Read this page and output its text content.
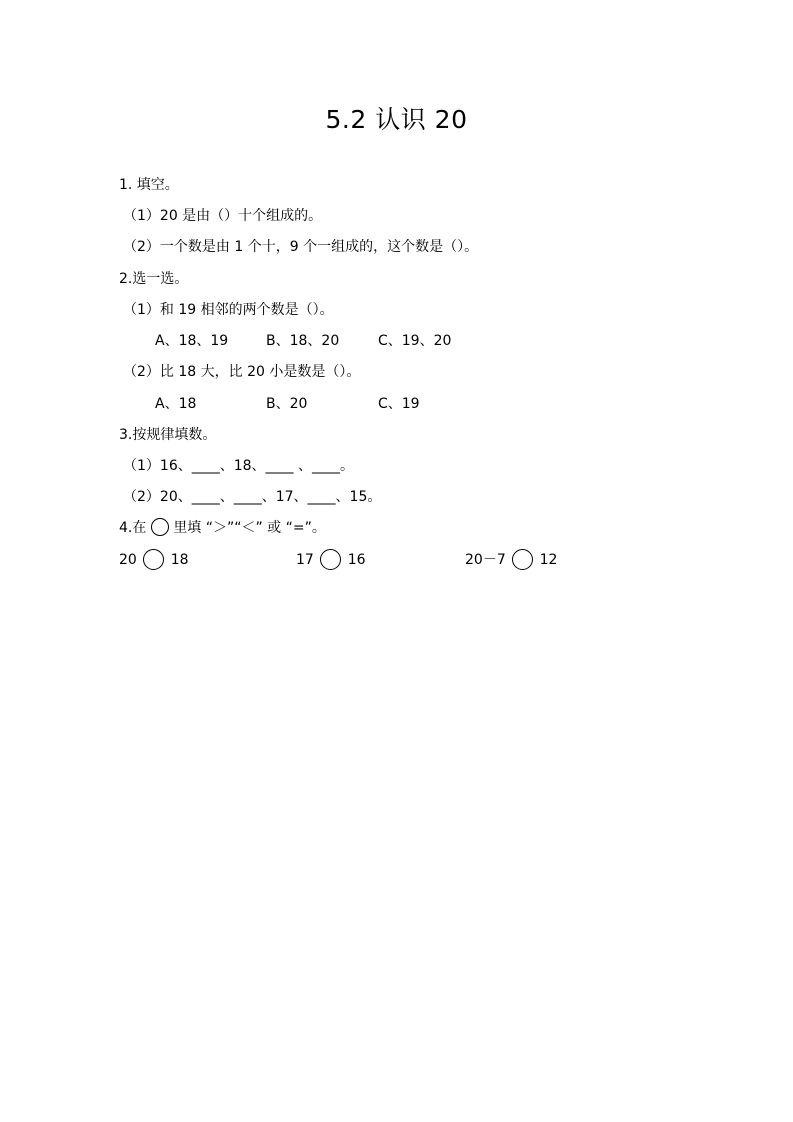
5.2 认识 20
1. 填空。
（1）20 是由（）十个组成的。
（2）一个数是由 1 个十，9 个一组成的，这个数是（）。
2.选一选。
（1）和 19 相邻的两个数是（）。
A、18、19	B、18、20	C、19、20
（2）比 18 大，比 20 小是数是（）。
A、18	B、20	C、19
3.按规律填数。
（1）16、____、18、____ 、____。
（2）20、____、____、17、____、15。
4.在 里填 “＞”“＜” 或 “=”。
20 18	17 16	20－7 12
